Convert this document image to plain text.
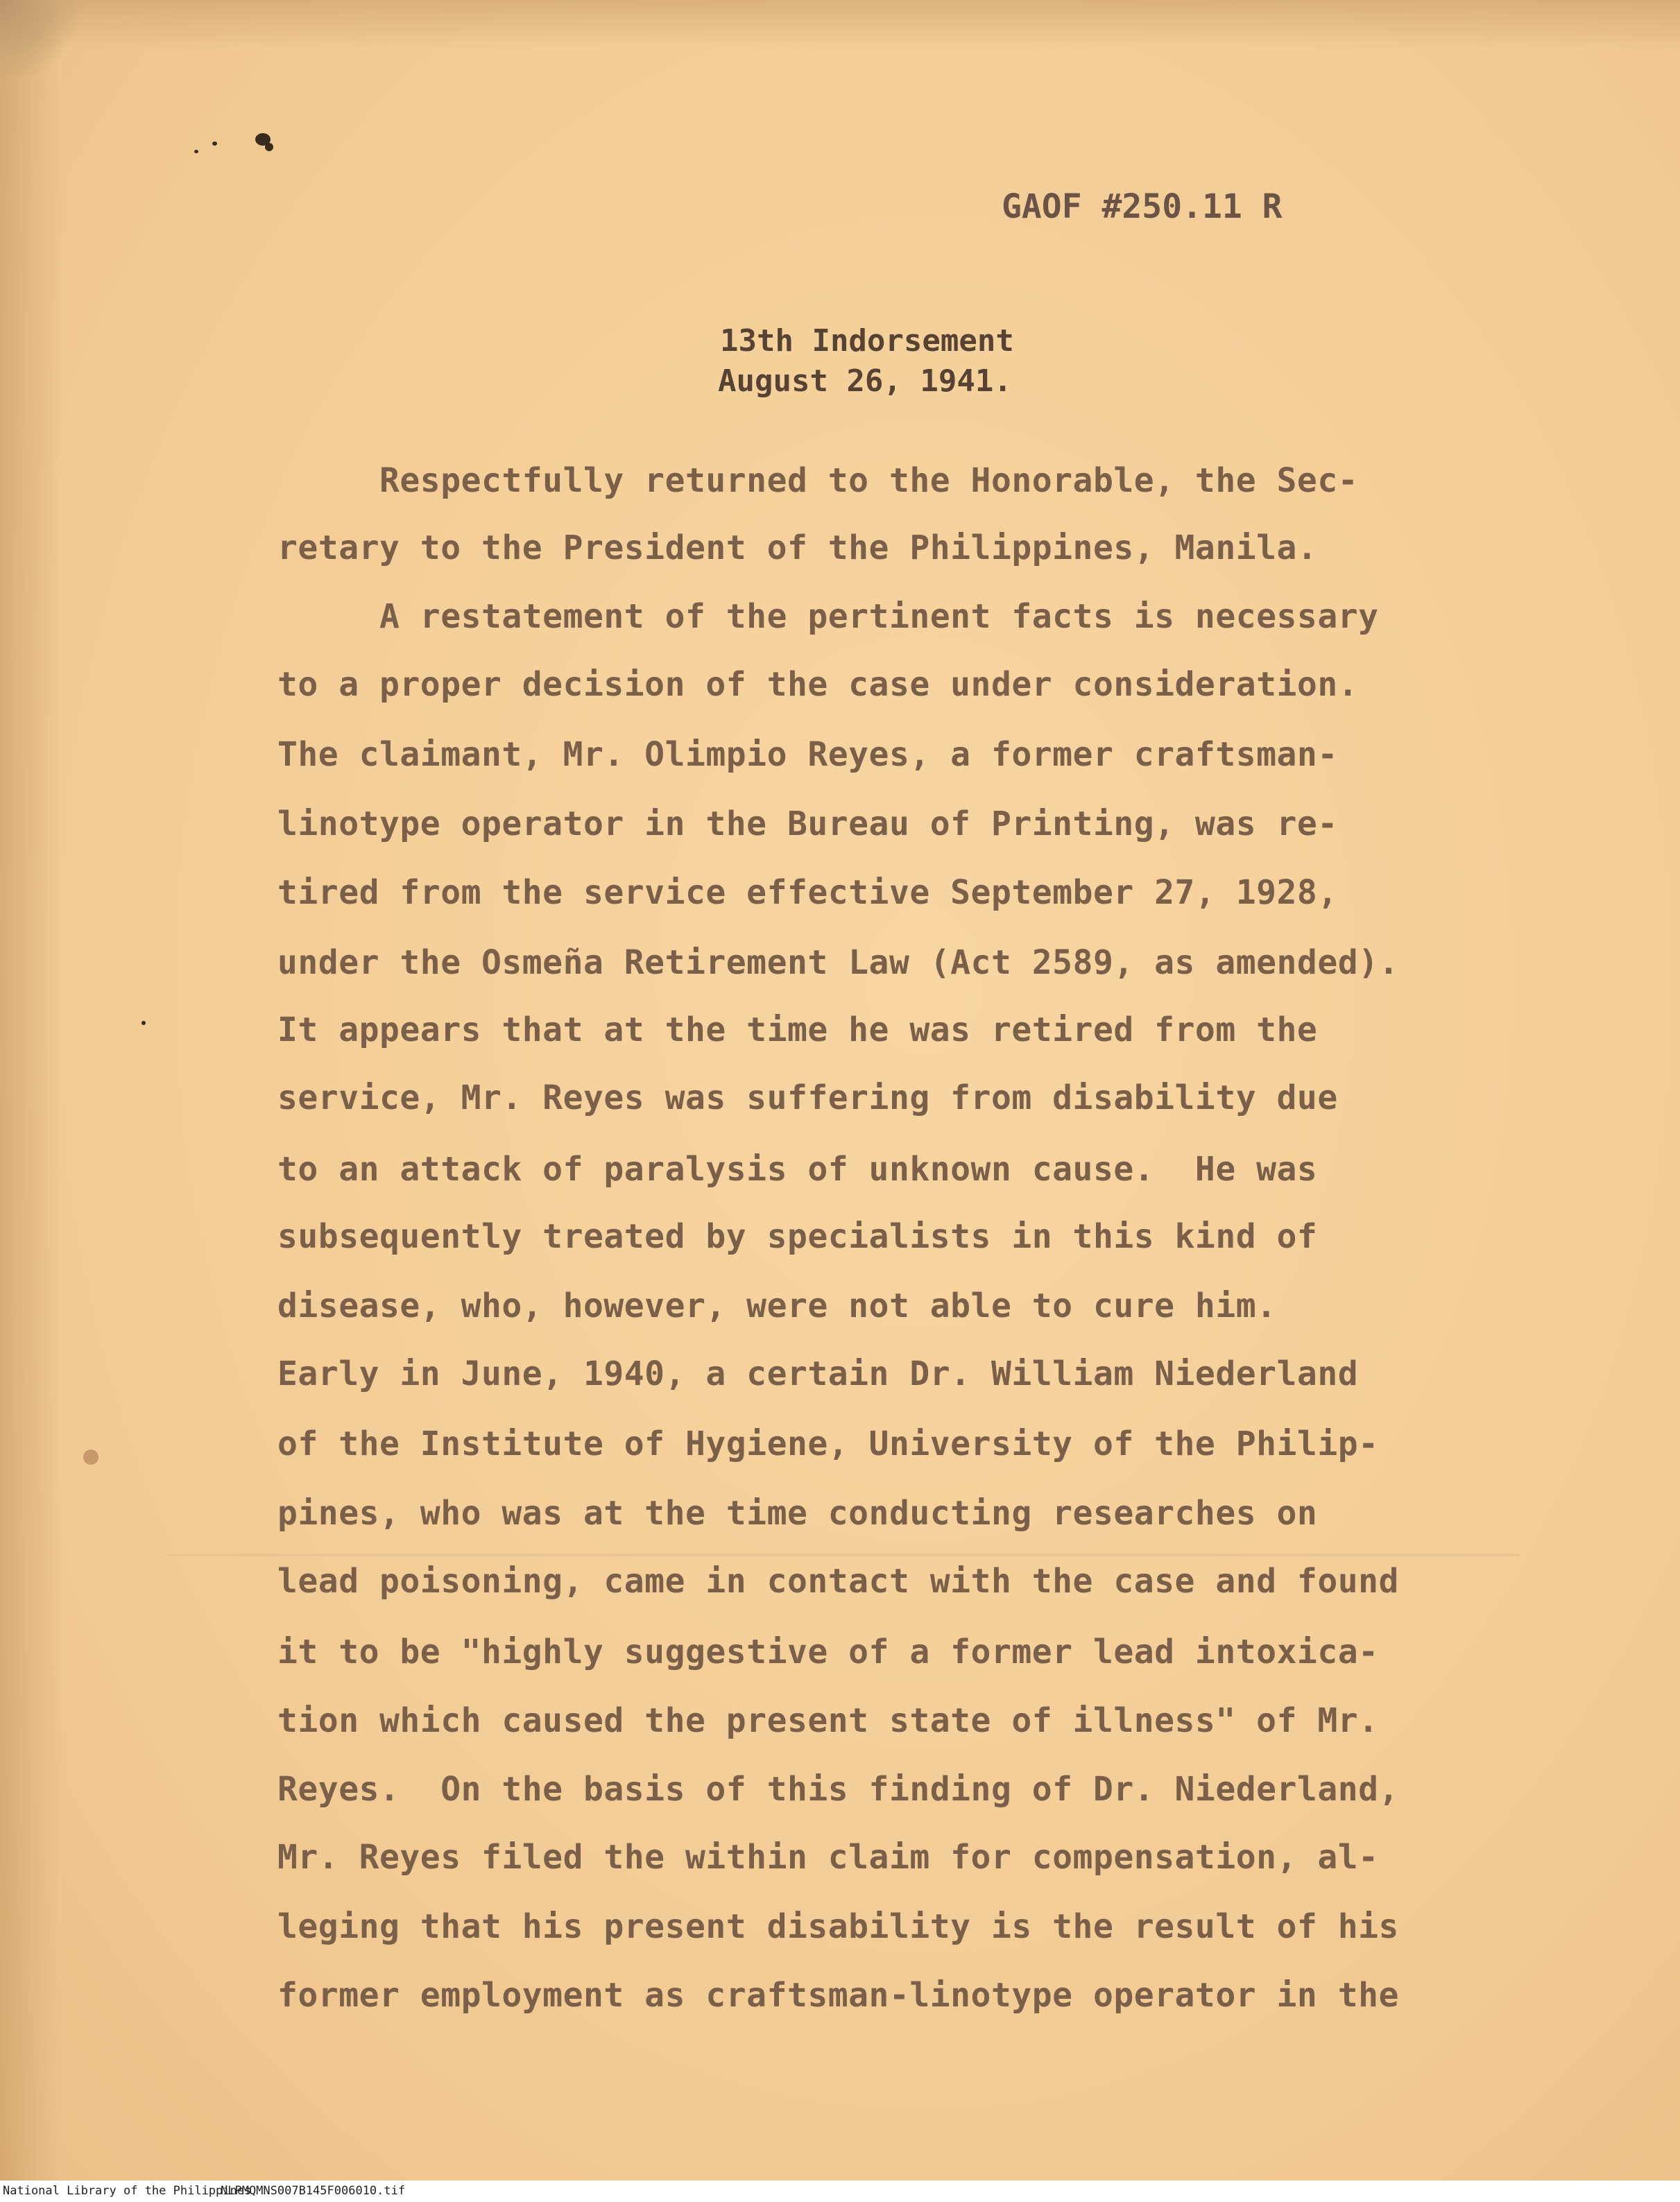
GAOF #250.11 R

13th Indorsement

August 26, 1941.

Respectfully returned to the Honorable, the Sec-
retary to the President of the Philippines, Manila.
A restatement of the pertinent facts is necessary
to a proper decision of the case under consideration.
The claimant, Mr. Olimpio Reyes, a former craftsman-
linotype operator in the Bureau of Printing, was re-
tired from the service effective September 27, 1928,
under the Osmeña Retirement Law (Act 2589, as amended).
It appears that at the time he was retired from the
service, Mr. Reyes was suffering from disability due
to an attack of paralysis of unknown cause.  He was
subsequently treated by specialists in this kind of
disease, who, however, were not able to cure him.
Early in June, 1940, a certain Dr. William Niederland
of the Institute of Hygiene, University of the Philip-
pines, who was at the time conducting researches on
lead poisoning, came in contact with the case and found
it to be "highly suggestive of a former lead intoxica-
tion which caused the present state of illness" of Mr.
Reyes.  On the basis of this finding of Dr. Niederland,
Mr. Reyes filed the within claim for compensation, al-
leging that his present disability is the result of his
former employment as craftsman-linotype operator in the
National Library of the Philippines
NLPMQMNS007B145F006010.tif
